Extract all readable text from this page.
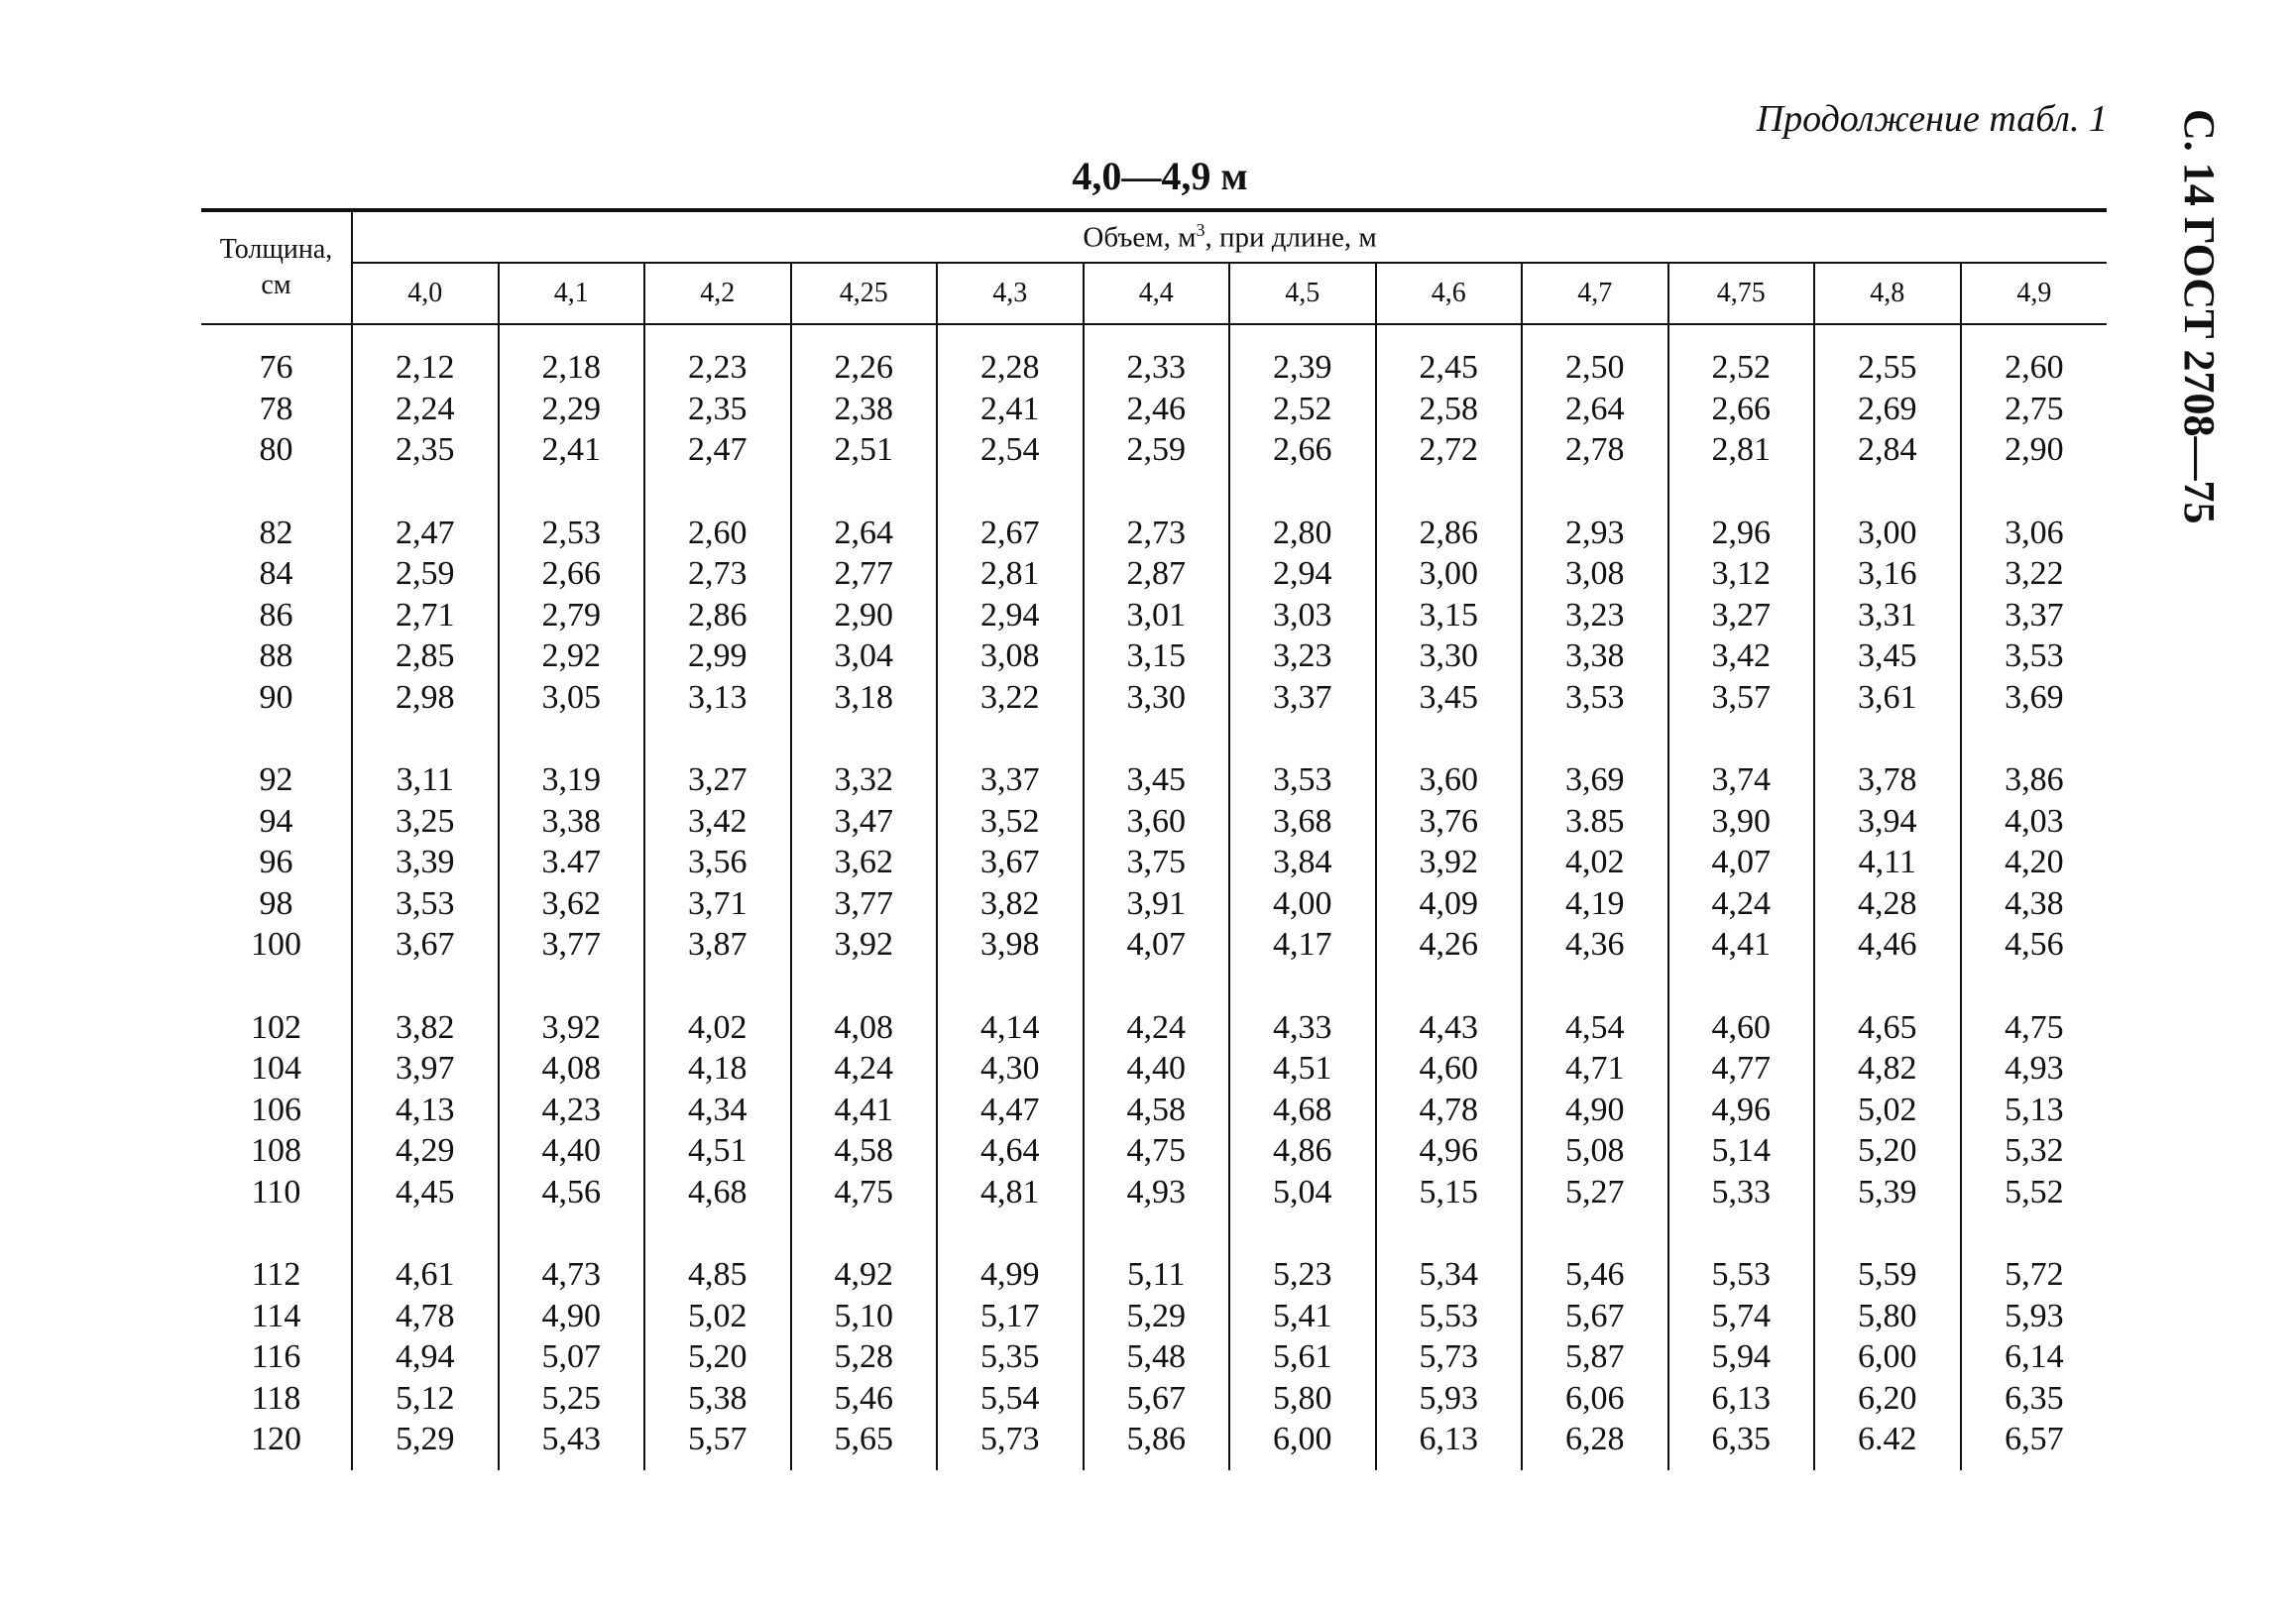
Продолжение табл. 1 С. 14 ГОСТ 2708—75
4,0—4,9 м
Толщина,
см	Объем, $м^3$, при длине, м											
	4,0	4,1	4,2	4,25	4,3	4,4	4,5	4,6	4,7	4,75	4,8	4,9

76	2,12	2,18	2,23	2,26	2,28	2,33	2,39	2,45	2,50	2,52	2,55	2,60
78	2,24	2,29	2,35	2,38	2,41	2,46	2,52	2,58	2,64	2,66	2,69	2,75
80	2,35	2,41	2,47	2,51	2,54	2,59	2,66	2,72	2,78	2,81	2,84	2,90

82	2,47	2,53	2,60	2,64	2,67	2,73	2,80	2,86	2,93	2,96	3,00	3,06
84	2,59	2,66	2,73	2,77	2,81	2,87	2,94	3,00	3,08	3,12	3,16	3,22
86	2,71	2,79	2,86	2,90	2,94	3,01	3,03	3,15	3,23	3,27	3,31	3,37
88	2,85	2,92	2,99	3,04	3,08	3,15	3,23	3,30	3,38	3,42	3,45	3,53
90	2,98	3,05	3,13	3,18	3,22	3,30	3,37	3,45	3,53	3,57	3,61	3,69

92	3,11	3,19	3,27	3,32	3,37	3,45	3,53	3,60	3,69	3,74	3,78	3,86
94	3,25	3,38	3,42	3,47	3,52	3,60	3,68	3,76	3.85	3,90	3,94	4,03
96	3,39	3.47	3,56	3,62	3,67	3,75	3,84	3,92	4,02	4,07	4,11	4,20
98	3,53	3,62	3,71	3,77	3,82	3,91	4,00	4,09	4,19	4,24	4,28	4,38
100	3,67	3,77	3,87	3,92	3,98	4,07	4,17	4,26	4,36	4,41	4,46	4,56

102	3,82	3,92	4,02	4,08	4,14	4,24	4,33	4,43	4,54	4,60	4,65	4,75
104	3,97	4,08	4,18	4,24	4,30	4,40	4,51	4,60	4,71	4,77	4,82	4,93
106	4,13	4,23	4,34	4,41	4,47	4,58	4,68	4,78	4,90	4,96	5,02	5,13
108	4,29	4,40	4,51	4,58	4,64	4,75	4,86	4,96	5,08	5,14	5,20	5,32
110	4,45	4,56	4,68	4,75	4,81	4,93	5,04	5,15	5,27	5,33	5,39	5,52

112	4,61	4,73	4,85	4,92	4,99	5,11	5,23	5,34	5,46	5,53	5,59	5,72
114	4,78	4,90	5,02	5,10	5,17	5,29	5,41	5,53	5,67	5,74	5,80	5,93
116	4,94	5,07	5,20	5,28	5,35	5,48	5,61	5,73	5,87	5,94	6,00	6,14
118	5,12	5,25	5,38	5,46	5,54	5,67	5,80	5,93	6,06	6,13	6,20	6,35
120	5,29	5,43	5,57	5,65	5,73	5,86	6,00	6,13	6,28	6,35	6.42	6,57
